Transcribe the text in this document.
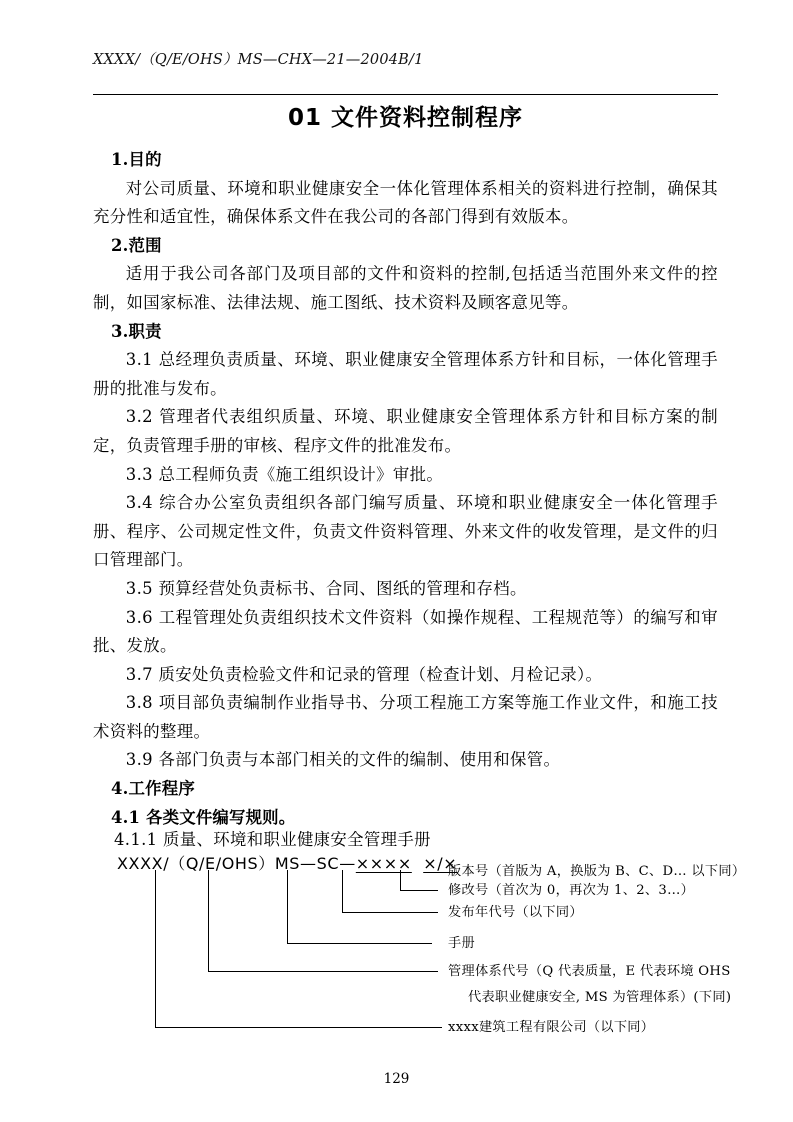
XXXX/（Q/E/OHS）MS—CHX—21—2004B/1
01 文件资料控制程序

1.目的

对公司质量、环境和职业健康安全一体化管理体系相关的资料进行控制，确保其充分性和适宜性，确保体系文件在我公司的各部门得到有效版本。

2.范围

适用于我公司各部门及项目部的文件和资料的控制,包括适当范围外来文件的控制，如国家标准、法律法规、施工图纸、技术资料及顾客意见等。

3.职责

3.1 总经理负责质量、环境、职业健康安全管理体系方针和目标，一体化管理手册的批准与发布。

3.2 管理者代表组织质量、环境、职业健康安全管理体系方针和目标方案的制定，负责管理手册的审核、程序文件的批准发布。

3.3 总工程师负责《施工组织设计》审批。

3.4 综合办公室负责组织各部门编写质量、环境和职业健康安全一体化管理手册、程序、公司规定性文件，负责文件资料管理、外来文件的收发管理，是文件的归口管理部门。

3.5 预算经营处负责标书、合同、图纸的管理和存档。

3.6 工程管理处负责组织技术文件资料（如操作规程、工程规范等）的编写和审批、发放。

3.7 质安处负责检验文件和记录的管理（检查计划、月检记录）。

3.8 项目部负责编制作业指导书、分项工程施工方案等施工作业文件，和施工技术资料的整理。

3.9 各部门负责与本部门相关的文件的编制、使用和保管。

4.工作程序

4.1 各类文件编写规则。

4.1.1 质量、环境和职业健康安全管理手册
XXXX/（Q/E/OHS）MS—SC—×××× ×/×
版本号（首版为 A，换版为 B、C、D… 以下同）
修改号（首次为 0，再次为 1、2、3…）
发布年代号（以下同）
手册
管理体系代号（Q 代表质量，E 代表环境 OHS
代表职业健康安全, MS 为管理体系）(下同)
xxxx建筑工程有限公司（以下同）
129
